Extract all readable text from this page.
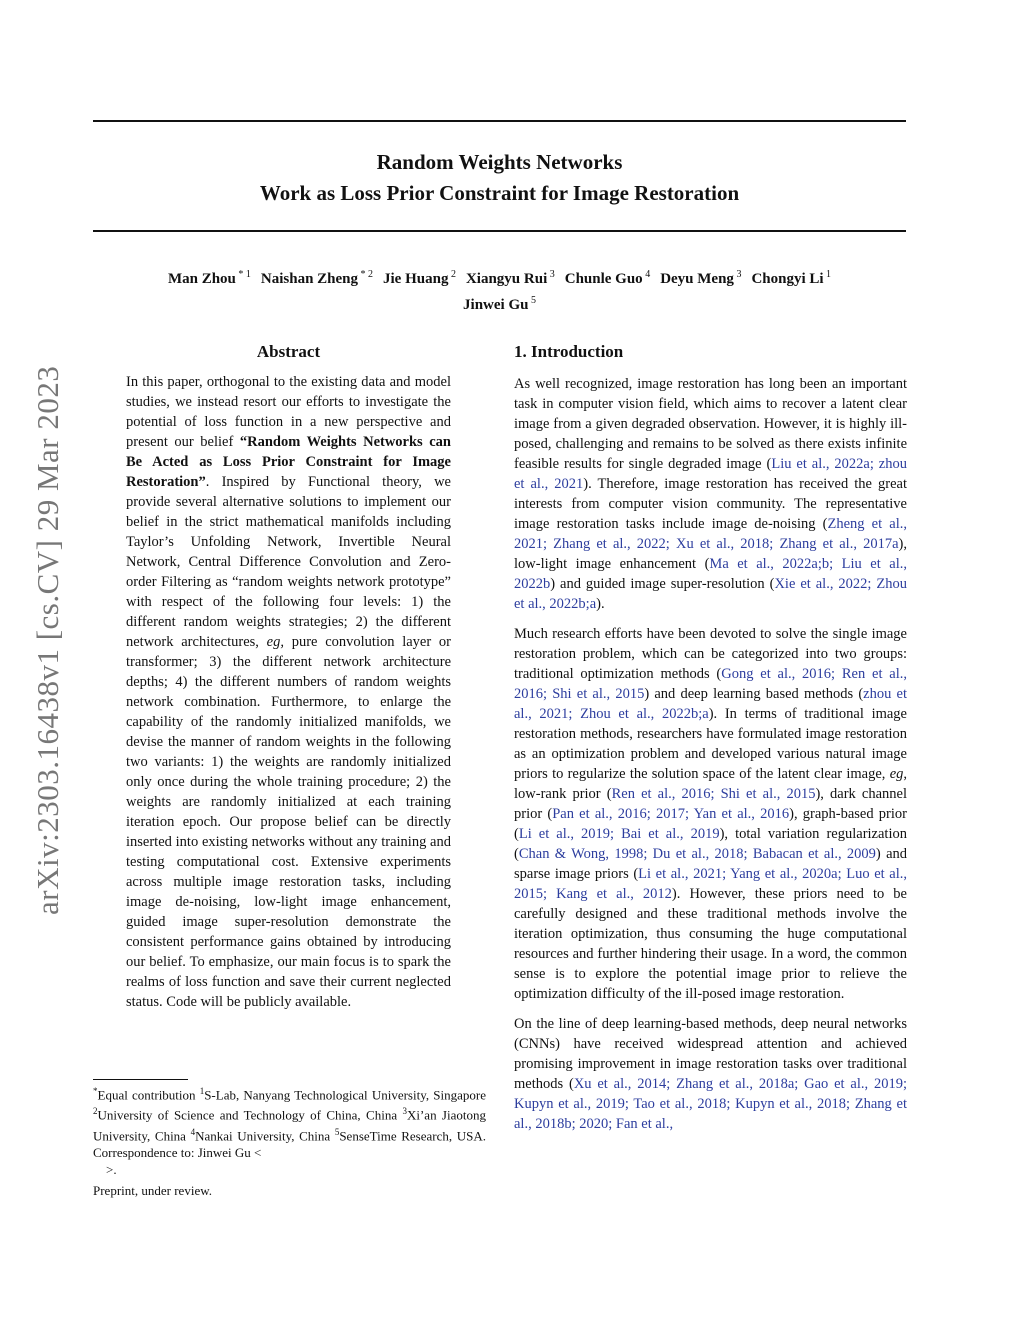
Random Weights Networks
Work as Loss Prior Constraint for Image Restoration
Man Zhou $^{* 1}$ Naishan Zheng $^{* 2}$ Jie Huang $^2$ Xiangyu Rui $^3$ Chunle Guo $^4$ Deyu Meng $^3$ Chongyi Li $^1$
Jinwei Gu $^5$
arXiv:2303.16438v1 [cs.CV] 29 Mar 2023
Abstract

In this paper, orthogonal to the existing data and model studies, we instead resort our efforts to investigate the potential of loss function in a new perspective and present our belief “Random Weights Networks can Be Acted as Loss Prior Constraint for Image Restoration”. Inspired by Functional theory, we provide several alternative solutions to implement our belief in the strict mathematical manifolds including Taylor’s Unfolding Network, Invertible Neural Network, Central Difference Convolution and Zero-order Filtering as “random weights network prototype” with respect of the following four levels: 1) the different random weights strategies; 2) the different network architectures, eg, pure convolution layer or transformer; 3) the different network architecture depths; 4) the different numbers of random weights network combination. Furthermore, to enlarge the capability of the randomly initialized manifolds, we devise the manner of random weights in the following two variants: 1) the weights are randomly initialized only once during the whole training procedure; 2) the weights are randomly initialized at each training iteration epoch. Our propose belief can be directly inserted into existing networks without any training and testing computational cost. Extensive experiments across multiple image restoration tasks, including image de-noising, low-light image enhancement, guided image super-resolution demonstrate the consistent performance gains obtained by introducing our belief. To emphasize, our main focus is to spark the realms of loss function and save their current neglected status. Code will be publicly available.

1. Introduction

As well recognized, image restoration has long been an important task in computer vision field, which aims to recover a latent clear image from a given degraded observation. However, it is highly ill-posed, challenging and remains to be solved as there exists infinite feasible results for single degraded image (Liu et al., 2022a; zhou et al., 2021). Therefore, image restoration has received the great interests from computer vision community. The representative image restoration tasks include image de-noising (Zheng et al., 2021; Zhang et al., 2022; Xu et al., 2018; Zhang et al., 2017a), low-light image enhancement (Ma et al., 2022a;b; Liu et al., 2022b) and guided image super-resolution (Xie et al., 2022; Zhou et al., 2022b;a).

Much research efforts have been devoted to solve the single image restoration problem, which can be categorized into two groups: traditional optimization methods (Gong et al., 2016; Ren et al., 2016; Shi et al., 2015) and deep learning based methods (zhou et al., 2021; Zhou et al., 2022b;a). In terms of traditional image restoration methods, researchers have formulated image restoration as an optimization problem and developed various natural image priors to regularize the solution space of the latent clear image, eg, low-rank prior (Ren et al., 2016; Shi et al., 2015), dark channel prior (Pan et al., 2016; 2017; Yan et al., 2016), graph-based prior (Li et al., 2019; Bai et al., 2019), total variation regularization (Chan & Wong, 1998; Du et al., 2018; Babacan et al., 2009) and sparse image priors (Li et al., 2021; Yang et al., 2020a; Luo et al., 2015; Kang et al., 2012). However, these priors need to be carefully designed and these traditional methods involve the iteration optimization, thus consuming the huge computational resources and further hindering their usage. In a word, the common sense is to explore the potential image prior to relieve the optimization difficulty of the ill-posed image restoration.

On the line of deep learning-based methods, deep neural networks (CNNs) have received widespread attention and achieved promising improvement in image restoration tasks over traditional methods (Xu et al., 2014; Zhang et al., 2018a; Gao et al., 2019; Kupyn et al., 2019; Tao et al., 2018; Kupyn et al., 2018; Zhang et al., 2018b; 2020; Fan et al.,

*Equal contribution $^1$S-Lab, Nanyang Technological University, Singapore $^2$University of Science and Technology of China, China $^3$Xi’an Jiaotong University, China $^4$Nankai University, China $^5$SenseTime Research, USA. Correspondence to: Jinwei Gu <
>.
Preprint, under review.
